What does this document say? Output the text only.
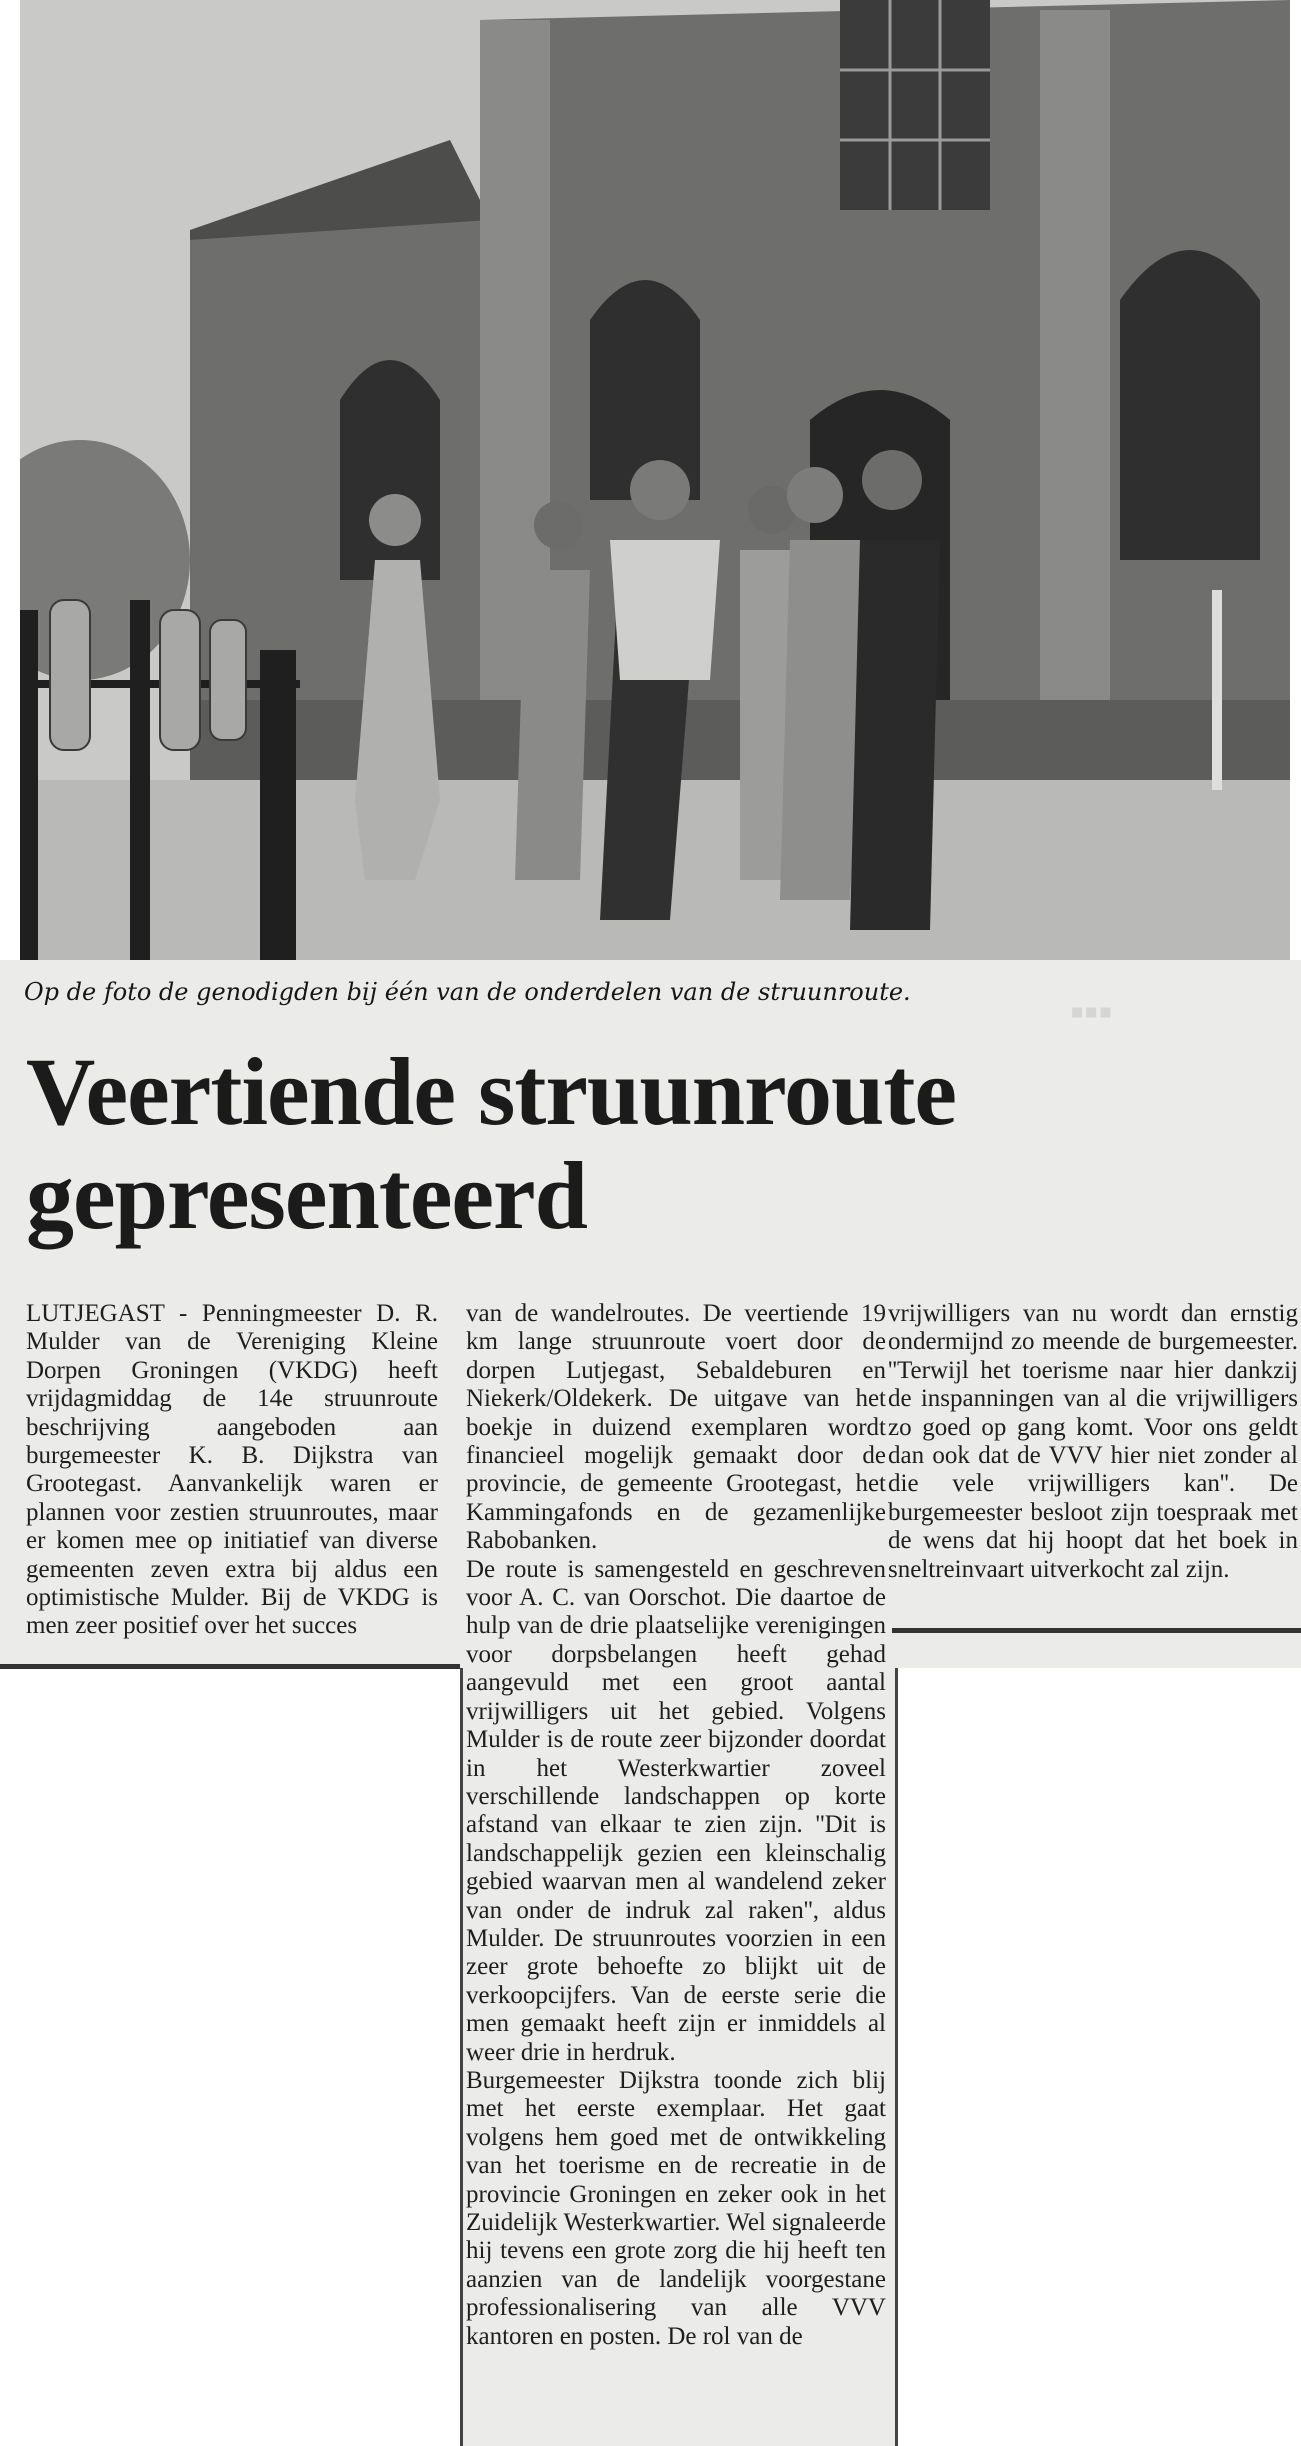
▪▪▪
Op de foto de genodigden bij één van de onderdelen van de struunroute.
Veertiende struunroute
gepresenteerd

LUTJEGAST - Penningmeester D. R. Mulder van de Vereniging Kleine Dorpen Groningen (VKDG) heeft vrijdagmiddag de 14e struunroute beschrijving aangeboden aan burgemeester K. B. Dijkstra van Grootegast. Aanvankelijk waren er plannen voor zestien struunroutes, maar er komen mee op initiatief van diverse gemeenten zeven extra bij aldus een optimistische Mulder. Bij de VKDG is men zeer positief over het succes

van de wandelroutes. De veertiende 19 km lange struunroute voert door de dorpen Lutjegast, Sebaldeburen en Niekerk/Oldekerk. De uitgave van het boekje in duizend exemplaren wordt financieel mogelijk gemaakt door de provincie, de gemeente Grootegast, het Kammingafonds en de gezamenlijke Rabobanken.

De route is samengesteld en geschreven voor A. C. van Oorschot. Die daartoe de hulp van de drie plaatselijke verenigingen voor dorpsbelangen heeft gehad aangevuld met een groot aantal vrijwilligers uit het gebied. Volgens Mulder is de route zeer bijzonder doordat in het Westerkwartier zoveel verschillende landschappen op korte afstand van elkaar te zien zijn. ''Dit is landschappelijk gezien een kleinschalig gebied waarvan men al wandelend zeker van onder de indruk zal raken'', aldus Mulder. De struunroutes voorzien in een zeer grote behoefte zo blijkt uit de verkoopcijfers. Van de eerste serie die men gemaakt heeft zijn er inmiddels al weer drie in herdruk.

Burgemeester Dijkstra toonde zich blij met het eerste exemplaar. Het gaat volgens hem goed met de ontwikkeling van het toerisme en de recreatie in de provincie Groningen en zeker ook in het Zuidelijk Westerkwartier. Wel signaleerde hij tevens een grote zorg die hij heeft ten aanzien van de landelijk voorgestane professionalisering van alle VVV kantoren en posten. De rol van de

vrijwilligers van nu wordt dan ernstig ondermijnd zo meende de burgemeester. ''Terwijl het toerisme naar hier dankzij de inspanningen van al die vrijwilligers zo goed op gang komt. Voor ons geldt dan ook dat de VVV hier niet zonder al die vele vrijwilligers kan''. De burgemeester besloot zijn toespraak met de wens dat hij hoopt dat het boek in sneltreinvaart uitverkocht zal zijn.
